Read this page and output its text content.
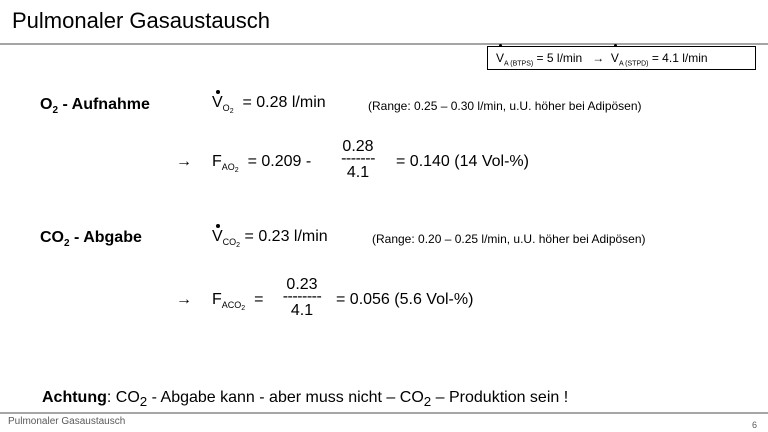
Pulmonaler Gasaustausch
$V_{A (BTPS)} = 5$ $l/\min \to V_{A (STPD)} = 4.1$ l/min
$O_2$ - Aufnahme	$V_{O_2} = 0.28$ l/min	(Range: 0.25 – 0.30 l/min, u.U. höher bei Adipösen)
→ $F_{AO_2} = 0.209$ -
0.28
-------
4.1
= 0.140 (14 Vol-%)
$CO_2$ - Abgabe	$V_{CO_2} = 0.23$ l/min	(Range: 0.20 – 0.25 l/min, u.U. höher bei Adipösen)
→ $F_{ACO_2}$  =
0.23
--------
4.1
= 0.056 (5.6 Vol-%)
Achtung: $CO_2$ - Abgabe kann - aber muss nicht – $CO_2$ – Produktion sein !
Pulmonaler Gasaustausch	6
